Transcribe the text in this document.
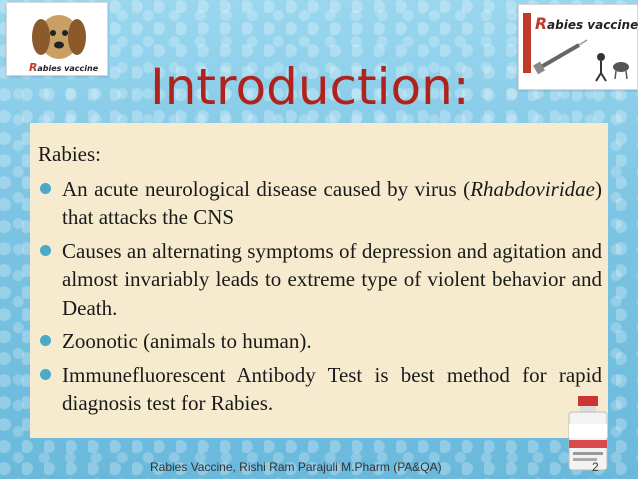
Rabies vaccine
Rabies vaccine
Introduction:
Rabies:
An acute neurological disease caused by virus (Rhabdoviridae) that attacks the CNS
Causes an alternating symptoms of depression and agitation and almost invariably leads to extreme type of violent behavior and Death.
Zoonotic (animals to human).
Immunefluorescent Antibody Test is best method for rapid diagnosis test for Rabies.
Rabies Vaccine, Rishi Ram Parajuli M.Pharm (PA&QA)	2
